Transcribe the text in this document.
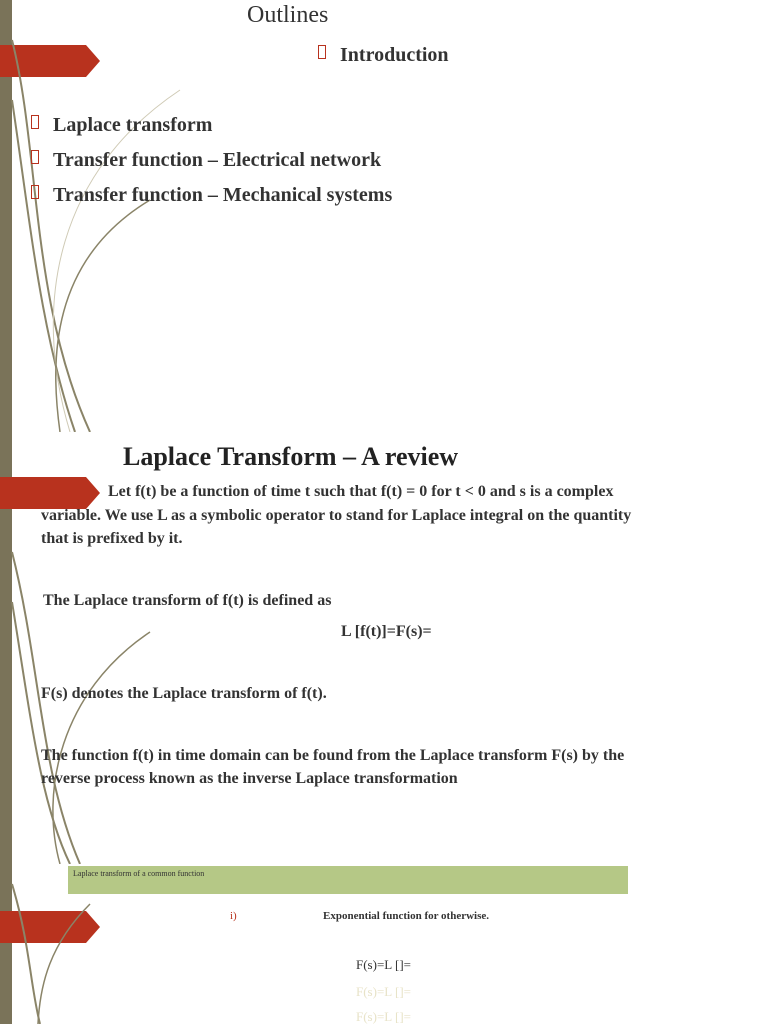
Outlines
Introduction
Laplace transform
Transfer function – Electrical network
Transfer function – Mechanical systems
Laplace Transform – A review

Let f(t) be a function of time t such that f(t) = 0 for t < 0 and s is a complex

variable. We use L as a symbolic operator to stand for Laplace integral on the quantity

that is prefixed by it.

The Laplace transform of f(t) is defined as

L [f(t)]=F(s)=

F(s) denotes the Laplace transform of f(t).

The function f(t) in time domain can be found from the Laplace transform F(s) by the

reverse process known as the inverse Laplace transformation

Laplace transform of a common function
i)	Exponential function for otherwise.
F(s)=L []=
F(s)=L []=
F(s)=L []=
